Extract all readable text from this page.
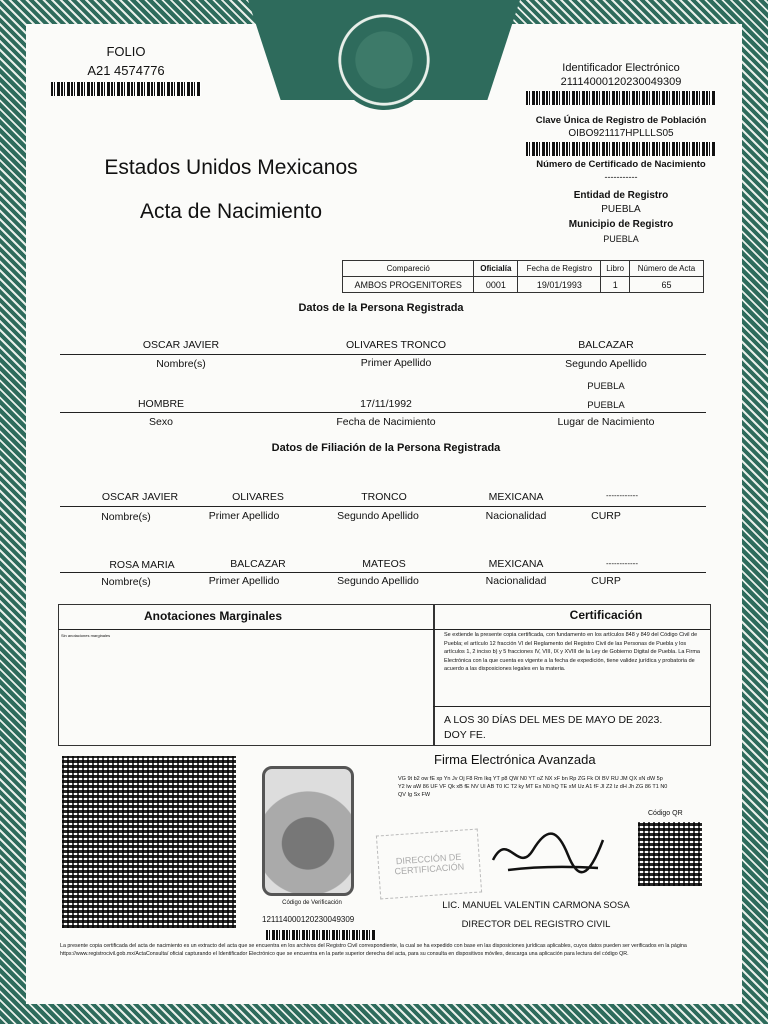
FOLIO
A21 4574776	Identificador Electrónico
21114000120230049309
Clave Única de Registro de Población
OIBO921117HPLLLS05
Número de Certificado de Nacimiento
-----------
Entidad de Registro
PUEBLA
Municipio de Registro
PUEBLA
Estados Unidos Mexicanos
Acta de Nacimiento
Compareció	Oficialía	Fecha de Registro	Libro	Número de Acta
AMBOS PROGENITORES	0001	19/01/1993	1	65
Datos de la Persona Registrada
OSCAR JAVIER	OLIVARES TRONCO	BALCAZAR
Nombre(s)	Primer Apellido	Segundo Apellido
PUEBLA
HOMBRE	17/11/1992	PUEBLA
Sexo	Fecha de Nacimiento	Lugar de Nacimiento
Datos de Filiación de la Persona Registrada
OSCAR JAVIER	OLIVARES	TRONCO	MEXICANA	------------
Nombre(s)	Primer Apellido	Segundo Apellido	Nacionalidad	CURP
ROSA MARIA	BALCAZAR	MATEOS	MEXICANA	------------
Nombre(s)	Primer Apellido	Segundo Apellido	Nacionalidad	CURP
Anotaciones Marginales
Sin anotaciones marginales
Certificación
Se extiende la presente copia certificada, con fundamento en los artículos 848 y 849 del Código Civil de Puebla; el artículo 12 fracción VI del Reglamento del Registro Civil de las Personas de Puebla y los artículos 1, 2 inciso b) y 5 fracciones IV, VIII, IX y XVIII de la Ley de Gobierno Digital de Puebla. La Firma Electrónica con la que cuenta es vigente a la fecha de expedición, tiene validez jurídica y probatoria de acuerdo a las disposiciones legales en la materia.
A LOS 30 DÍAS DEL MES DE MAYO DE 2023.
DOY FE.
Firma Electrónica Avanzada
VG 9t b2 ow fE xp Yn Jv Oj F8 Rm Ikq YT p8 QW N0 YT oZ NX xF bn Rp ZG Fk OI BV RU JM QX xN dW 5p Y2 lw aW 86 UF VF Qk xB fE NV UI AB T0 IC T2 ky MT Ex N0 hQ TE xM Uz A1 fF JI Z2 Iz dH Jh ZG 86 T1 N0 QV Ig Sx FW
Código de Verificación
121114000120230049309
DIRECCIÓN DE CERTIFICACIÓN
Código QR
LIC. MANUEL VALENTIN CARMONA SOSA
DIRECTOR DEL REGISTRO CIVIL
La presente copia certificada del acta de nacimiento es un extracto del acta que se encuentra en los archivos del Registro Civil correspondiente, la cual se ha expedido con base en las disposiciones jurídicas aplicables, cuyos datos pueden ser verificados en la página https://www.registrocivil.gob.mx/ActaConsulta/ oficial capturando el Identificador Electrónico que se encuentra en la parte superior derecha del acta, para su consulta en dispositivos móviles, descarga una aplicación para lectura del código QR.
